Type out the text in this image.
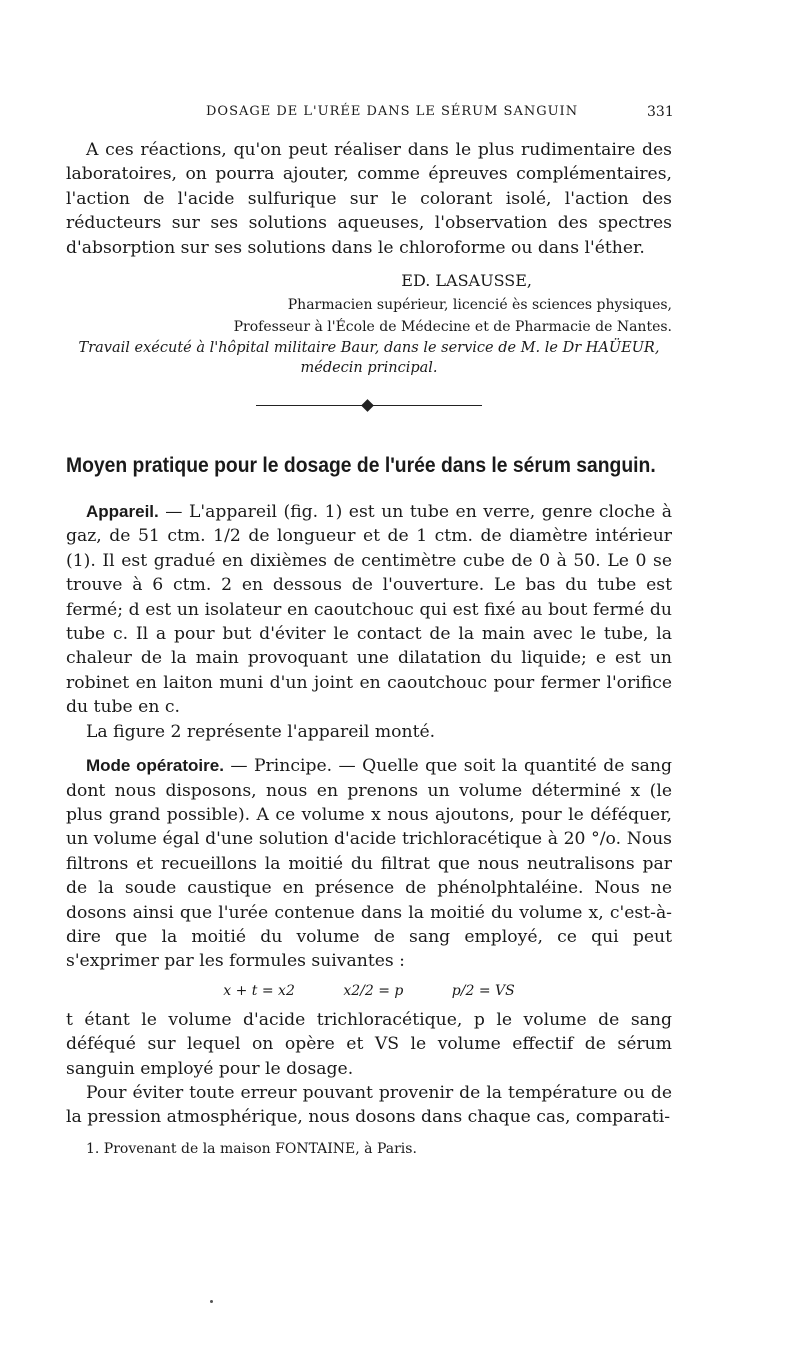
DOSAGE DE L'URÉE DANS LE SÉRUM SANGUIN	331

A ces réactions, qu'on peut réaliser dans le plus rudimentaire des laboratoires, on pourra ajouter, comme épreuves complémentaires, l'action de l'acide sulfurique sur le colorant isolé, l'action des réducteurs sur ses solutions aqueuses, l'observation des spectres d'absorption sur ses solutions dans le chloroforme ou dans l'éther.

ED. LASAUSSE,
Pharmacien supérieur, licencié ès sciences physiques,
Professeur à l'École de Médecine et de Pharmacie de Nantes.

Travail exécuté à l'hôpital militaire Baur, dans le service de M. le Dr HAÜEUR, médecin principal.

Moyen pratique pour le dosage de l'urée dans le sérum sanguin.

Appareil. — L'appareil (fig. 1) est un tube en verre, genre cloche à gaz, de 51 ctm. 1/2 de longueur et de 1 ctm. de diamètre intérieur (1). Il est gradué en dixièmes de centimètre cube de 0 à 50. Le 0 se trouve à 6 ctm. 2 en dessous de l'ouverture. Le bas du tube est fermé; d est un isolateur en caoutchouc qui est fixé au bout fermé du tube c. Il a pour but d'éviter le contact de la main avec le tube, la chaleur de la main provoquant une dilatation du liquide; e est un robinet en laiton muni d'un joint en caoutchouc pour fermer l'orifice du tube en c.

La figure 2 représente l'appareil monté.

Mode opératoire. — Principe. — Quelle que soit la quantité de sang dont nous disposons, nous en prenons un volume déterminé x (le plus grand possible). A ce volume x nous ajoutons, pour le déféquer, un volume égal d'une solution d'acide trichloracétique à 20 °/o. Nous filtrons et recueillons la moitié du filtrat que nous neutralisons par de la soude caustique en présence de phénolphtaléine. Nous ne dosons ainsi que l'urée contenue dans la moitié du volume x, c'est-à-dire que la moitié du volume de sang employé, ce qui peut s'exprimer par les formules suivantes :

x + t = x2	x2/2 = p	p/2 = VS

t étant le volume d'acide trichloracétique, p le volume de sang déféqué sur lequel on opère et VS le volume effectif de sérum sanguin employé pour le dosage.

Pour éviter toute erreur pouvant provenir de la température ou de la pression atmosphérique, nous dosons dans chaque cas, comparati-

1. Provenant de la maison FONTAINE, à Paris.
